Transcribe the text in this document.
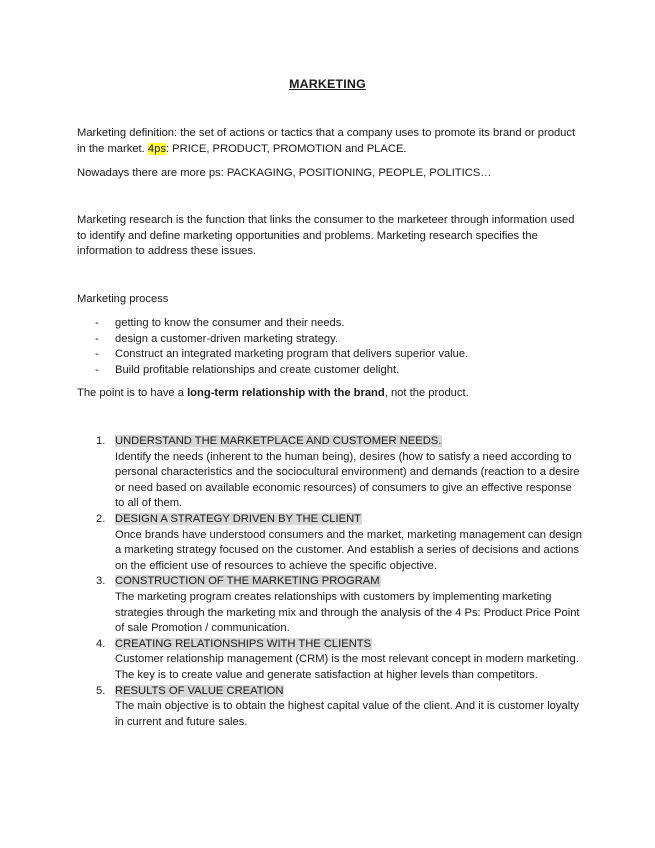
MARKETING

Marketing definition: the set of actions or tactics that a company uses to promote its brand or product in the market. 4ps: PRICE, PRODUCT, PROMOTION and PLACE.

Nowadays there are more ps: PACKAGING, POSITIONING, PEOPLE, POLITICS…

Marketing research is the function that links the consumer to the marketeer through information used to identify and define marketing opportunities and problems. Marketing research specifies the information to address these issues.

Marketing process

- getting to know the consumer and their needs.
- design a customer-driven marketing strategy.
- Construct an integrated marketing program that delivers superior value.
- Build profitable relationships and create customer delight.

The point is to have a long-term relationship with the brand, not the product.

1. UNDERSTAND THE MARKETPLACE AND CUSTOMER NEEDS.
Identify the needs (inherent to the human being), desires (how to satisfy a need according to personal characteristics and the sociocultural environment) and demands (reaction to a desire or need based on available economic resources) of consumers to give an effective response to all of them.
2. DESIGN A STRATEGY DRIVEN BY THE CLIENT
Once brands have understood consumers and the market, marketing management can design a marketing strategy focused on the customer. And establish a series of decisions and actions on the efficient use of resources to achieve the specific objective.
3. CONSTRUCTION OF THE MARKETING PROGRAM
The marketing program creates relationships with customers by implementing marketing strategies through the marketing mix and through the analysis of the 4 Ps: Product Price Point of sale Promotion / communication.
4. CREATING RELATIONSHIPS WITH THE CLIENTS
Customer relationship management (CRM) is the most relevant concept in modern marketing. The key is to create value and generate satisfaction at higher levels than competitors.
5. RESULTS OF VALUE CREATION
The main objective is to obtain the highest capital value of the client. And it is customer loyalty in current and future sales.
